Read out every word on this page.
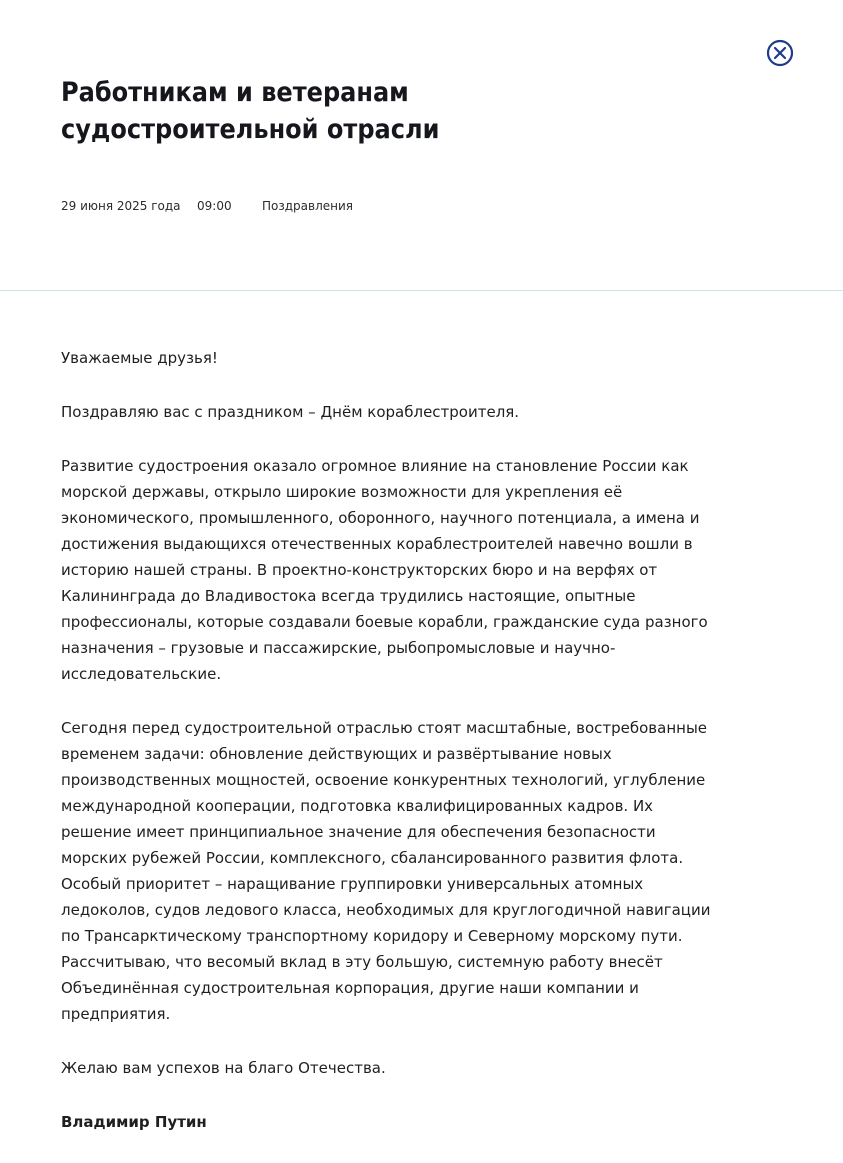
Работникам и ветеранам судостроительной отрасли
29 июня 2025 года 09:00	Поздравления

Уважаемые друзья!

Поздравляю вас с праздником – Днём кораблестроителя.

Развитие судостроения оказало огромное влияние на становление России как морской державы, открыло широкие возможности для укрепления её экономического, промышленного, оборонного, научного потенциала, а имена и достижения выдающихся отечественных кораблестроителей навечно вошли в историю нашей страны. В проектно-конструкторских бюро и на верфях от Калининграда до Владивостока всегда трудились настоящие, опытные профессионалы, которые создавали боевые корабли, гражданские суда разного назначения – грузовые и пассажирские, рыбопромысловые и научно-исследовательские.

Сегодня перед судостроительной отраслью стоят масштабные, востребованные временем задачи: обновление действующих и развёртывание новых производственных мощностей, освоение конкурентных технологий, углубление международной кооперации, подготовка квалифицированных кадров. Их решение имеет принципиальное значение для обеспечения безопасности морских рубежей России, комплексного, сбалансированного развития флота. Особый приоритет – наращивание группировки универсальных атомных ледоколов, судов ледового класса, необходимых для круглогодичной навигации по Трансарктическому транспортному коридору и Северному морскому пути. Рассчитываю, что весомый вклад в эту большую, системную работу внесёт Объединённая судостроительная корпорация, другие наши компании и предприятия.

Желаю вам успехов на благо Отечества.

Владимир Путин
